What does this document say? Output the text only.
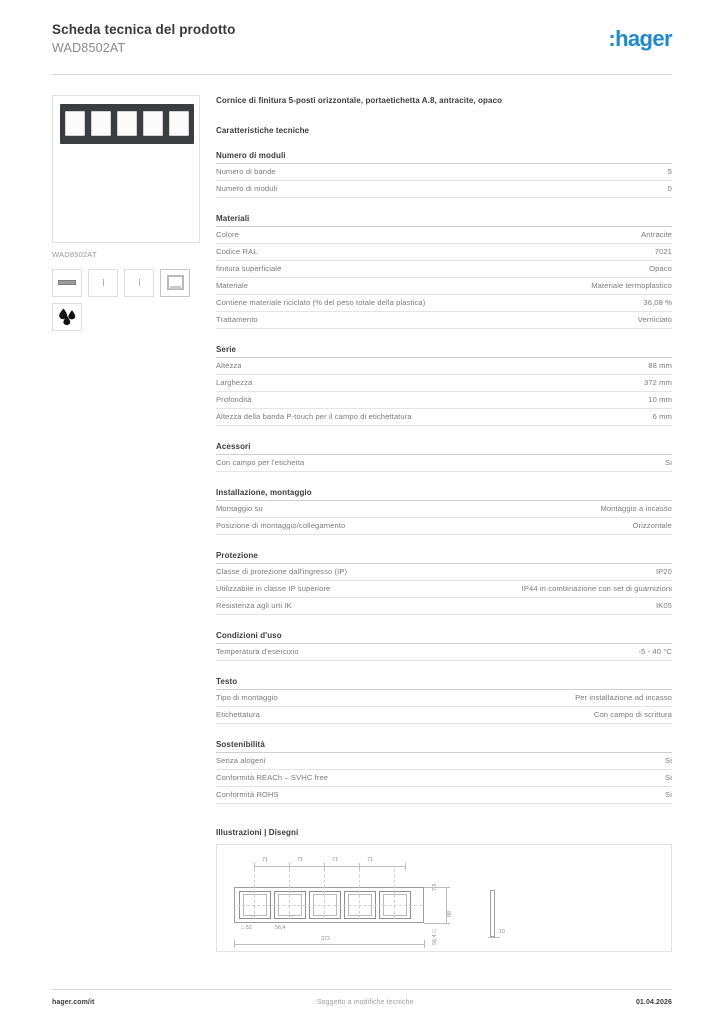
Scheda tecnica del prodotto
WAD8502AT	:hager
WAD8502AT
Cornice di finitura 5-posti orizzontale, portaetichetta A.8, antracite, opaco
Caratteristiche tecniche
Numero di moduli
Numero di bande	5
Numero di moduli	0
Materiali
Colore	Antracite
Codice RAL	7021
finitura superficiale	Opaco
Materiale	Materiale termoplastico
Contiene materiale riciclato (% del peso totale della plastica)	36,08 %
Trattamento	Verniciato
Serie
Altezza	88 mm
Larghezza	372 mm
Profondità	10 mm
Altezza della banda P-touch per il campo di etichettatura	6 mm
Acessori
Con campo per l'etichetta	Si
Installazione, montaggio
Montaggio su	Montaggio a incasso
Posizione di montaggio/collegamento	Orizzontale
Protezione
Classe di protezione dall'ingresso (IP)	IP20
Utilizzabile in classe IP superiore	IP44 in combinazione con set di guarnizioni
Resistenza agli urti IK	IK05
Condizioni d'uso
Temperatura d'esercizio	-5 - 40 °C
Testo
Tipo di montaggio	Per installazione ad incasso
Etichettatura	Con campo di scrittura
Sostenibilità
Senza alogeni	Si
Conformità REACh – SVHC free	Si
Conformità ROHS	Si
Illustrazioni | Disegni
71	71	71	71
88
56,4 □
□ 52	56,4
372
10
hager.com/it	Soggetto a modifiche tecniche	01.04.2026
